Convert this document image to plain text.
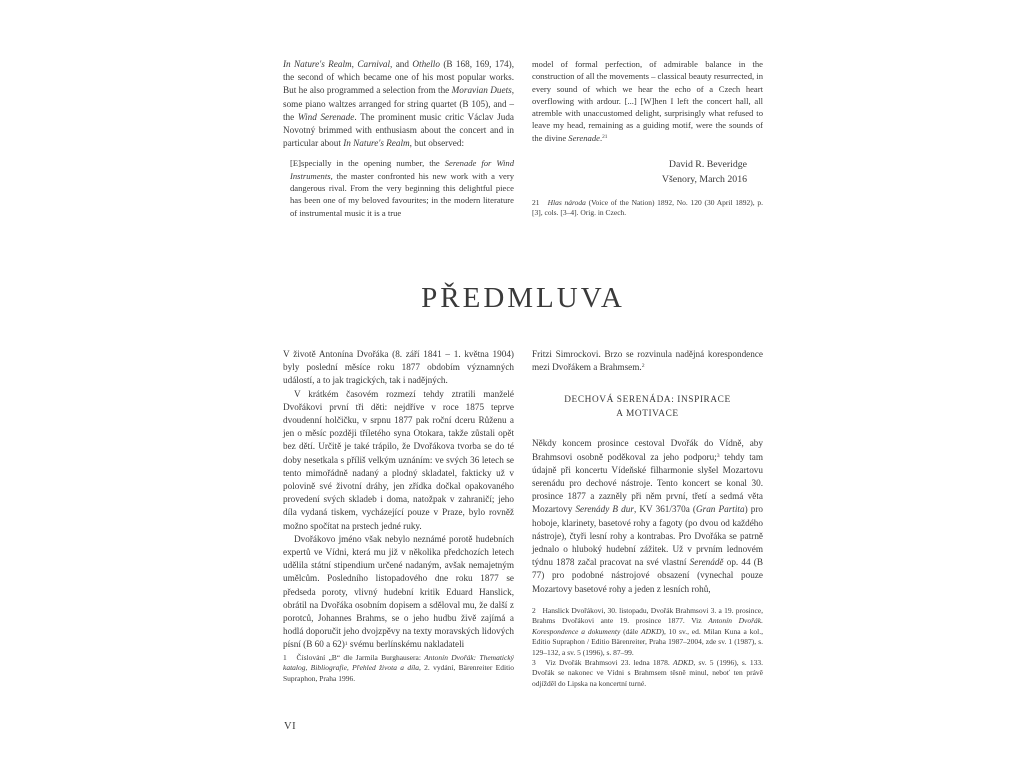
In Nature's Realm, Carnival, and Othello (B 168, 169, 174), the second of which became one of his most popular works. But he also programmed a selection from the Moravian Duets, some piano waltzes arranged for string quartet (B 105), and – the Wind Serenade. The prominent music critic Václav Juda Novotný brimmed with enthusiasm about the concert and in particular about In Nature's Realm, but observed:

[E]specially in the opening number, the Serenade for Wind Instruments, the master confronted his new work with a very dangerous rival. From the very beginning this delightful piece has been one of my beloved favourites; in the modern literature of instrumental music it is a true

model of formal perfection, of admirable balance in the construction of all the movements – classical beauty resurrected, in every sound of which we hear the echo of a Czech heart overflowing with ardour. [...] [W]hen I left the concert hall, all atremble with unaccustomed delight, surprisingly what refused to leave my head, remaining as a guiding motif, were the sounds of the divine Serenade.$^{21}$

David R. Beveridge
Všenory, March 2016

21   Hlas národa (Voice of the Nation) 1892, No. 120 (30 April 1892), p. [3], cols. [3–4]. Orig. in Czech.

PŘEDMLUVA

V životě Antonína Dvořáka (8. září 1841 – 1. května 1904) byly poslední měsíce roku 1877 obdobím významných událostí, a to jak tragických, tak i nadějných.

V krátkém časovém rozmezí tehdy ztratili manželé Dvořákovi první tři děti: nejdříve v roce 1875 teprve dvoudenní holčičku, v srpnu 1877 pak roční dceru Růženu a jen o měsíc později tříletého syna Otokara, takže zůstali opět bez dětí. Určitě je také trápilo, že Dvořákova tvorba se do té doby nesetkala s příliš velkým uznáním: ve svých 36 letech se tento mimořádně nadaný a plodný skladatel, fakticky už v polovině své životní dráhy, jen zřídka dočkal opakovaného provedení svých skladeb i doma, natožpak v zahraničí; jeho díla vydaná tiskem, vycházející pouze v Praze, bylo rovněž možno spočítat na prstech jedné ruky.

Dvořákovo jméno však nebylo neznámé porotě hudebních expertů ve Vídni, která mu již v několika předchozích letech udělila státní stipendium určené nadaným, avšak nemajetným umělcům. Posledního listopadového dne roku 1877 se předseda poroty, vlivný hudební kritik Eduard Hanslick, obrátil na Dvořáka osobním dopisem a sděloval mu, že další z porotců, Johannes Brahms, se o jeho hudbu živě zajímá a hodlá doporučit jeho dvojzpěvy na texty moravských lidových písní (B 60 a 62)$^1$ svému berlínskému nakladateli

1   Číslování „B“ dle Jarmila Burghausera: Antonín Dvořák: Thematický katalog, Bibliografie, Přehled života a díla, 2. vydání, Bärenreiter Editio Supraphon, Praha 1996.

Fritzi Simrockovi. Brzo se rozvinula nadějná korespondence mezi Dvořákem a Brahmsem.$^2$

DECHOVÁ SERENÁDA: INSPIRACE
A MOTIVACE

Někdy koncem prosince cestoval Dvořák do Vídně, aby Brahmsovi osobně poděkoval za jeho podporu;$^3$ tehdy tam údajně při koncertu Vídeňské filharmonie slyšel Mozartovu serenádu pro dechové nástroje. Tento koncert se konal 30. prosince 1877 a zazněly při něm první, třetí a sedmá věta Mozartovy Serenády B dur, KV 361/370a (Gran Partita) pro hoboje, klarinety, basetové rohy a fagoty (po dvou od každého nástroje), čtyři lesní rohy a kontrabas. Pro Dvořáka se patrně jednalo o hluboký hudební zážitek. Už v prvním lednovém týdnu 1878 začal pracovat na své vlastní Serenádě op. 44 (B 77) pro podobné nástrojové obsazení (vynechal pouze Mozartovy basetové rohy a jeden z lesních rohů,

2   Hanslick Dvořákovi, 30. listopadu, Dvořák Brahmsovi 3. a 19. prosince, Brahms Dvořákovi ante 19. prosince 1877. Viz Antonín Dvořák. Korespondence a dokumenty (dále ADKD), 10 sv., ed. Milan Kuna a kol., Editio Supraphon / Editio Bärenreiter, Praha 1987–2004, zde sv. 1 (1987), s. 129–132, a sv. 5 (1996), s. 87–99.

3   Viz Dvořák Brahmsovi 23. ledna 1878. ADKD, sv. 5 (1996), s. 133. Dvořák se nakonec ve Vídni s Brahmsem těsně minul, neboť ten právě odjížděl do Lipska na koncertní turné.

VI
